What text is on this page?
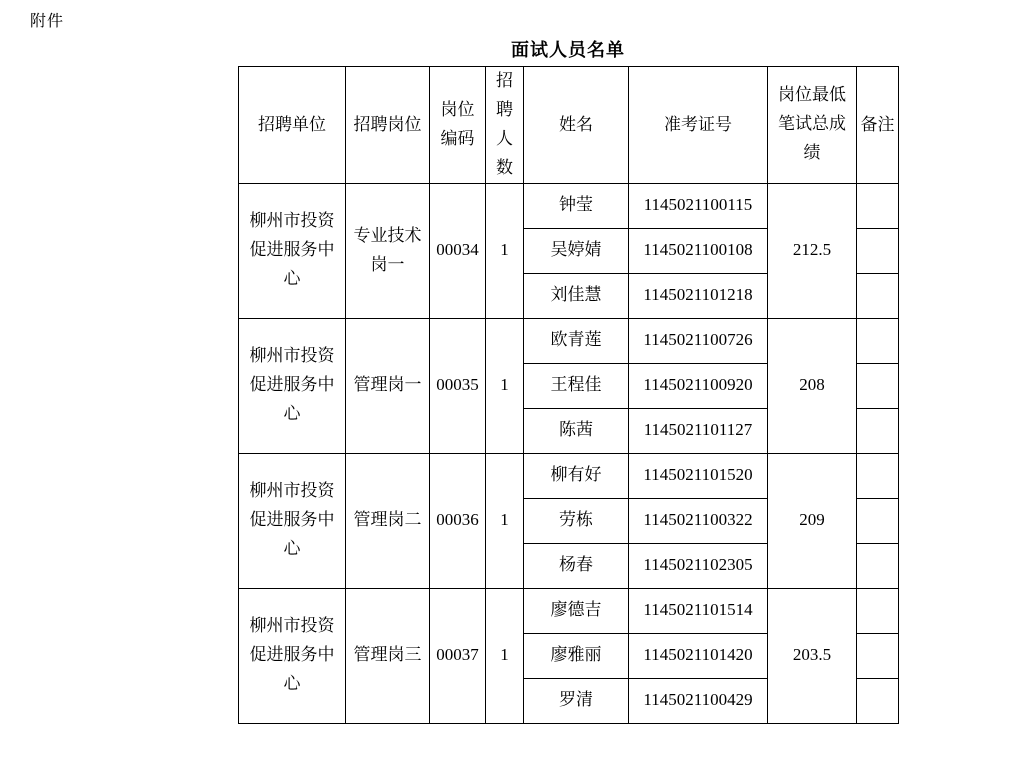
附件
面试人员名单
招聘单位	招聘岗位	岗位编码	招聘人数	姓名	准考证号	岗位最低笔试总成绩	备注
柳州市投资促进服务中心	专业技术岗一	00034	1	钟莹	1145021100115	212.5	
				吴婷婧	1145021100108		
				刘佳慧	1145021101218		
柳州市投资促进服务中心	管理岗一	00035	1	欧青莲	1145021100726	208	
				王程佳	1145021100920		
				陈茜	1145021101127		
柳州市投资促进服务中心	管理岗二	00036	1	柳有好	1145021101520	209	
				劳栋	1145021100322		
				杨春	1145021102305		
柳州市投资促进服务中心	管理岗三	00037	1	廖德吉	1145021101514	203.5	
				廖雅丽	1145021101420		
				罗清	1145021100429		
